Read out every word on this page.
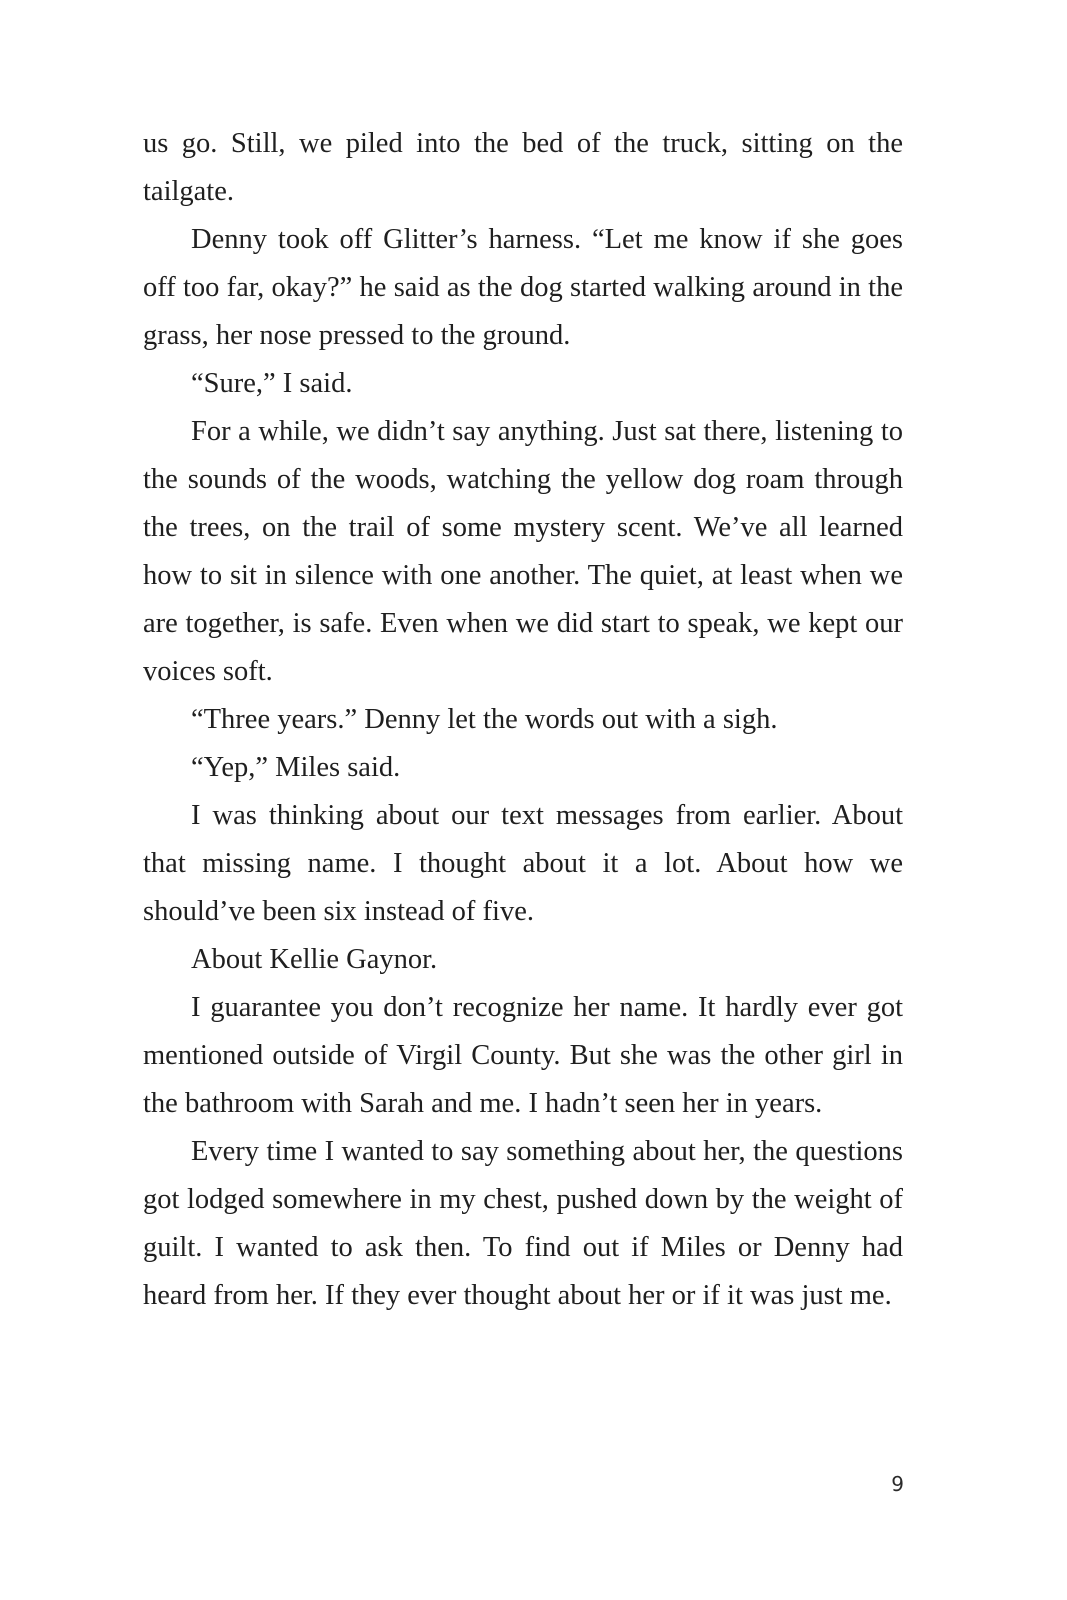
us go. Still, we piled into the bed of the truck, sitting on the tailgate.

Denny took off Glitter’s harness. “Let me know if she goes off too far, okay?” he said as the dog started walking around in the grass, her nose pressed to the ground.

“Sure,” I said.

For a while, we didn’t say anything. Just sat there, listening to the sounds of the woods, watching the yellow dog roam through the trees, on the trail of some mystery scent. We’ve all learned how to sit in silence with one another. The quiet, at least when we are together, is safe. Even when we did start to speak, we kept our voices soft.

“Three years.” Denny let the words out with a sigh.

“Yep,” Miles said.

I was thinking about our text messages from earlier. About that missing name. I thought about it a lot. About how we should’ve been six instead of five.

About Kellie Gaynor.

I guarantee you don’t recognize her name. It hardly ever got mentioned outside of Virgil County. But she was the other girl in the bathroom with Sarah and me. I hadn’t seen her in years.

Every time I wanted to say something about her, the questions got lodged somewhere in my chest, pushed down by the weight of guilt. I wanted to ask then. To find out if Miles or Denny had heard from her. If they ever thought about her or if it was just me.

9
